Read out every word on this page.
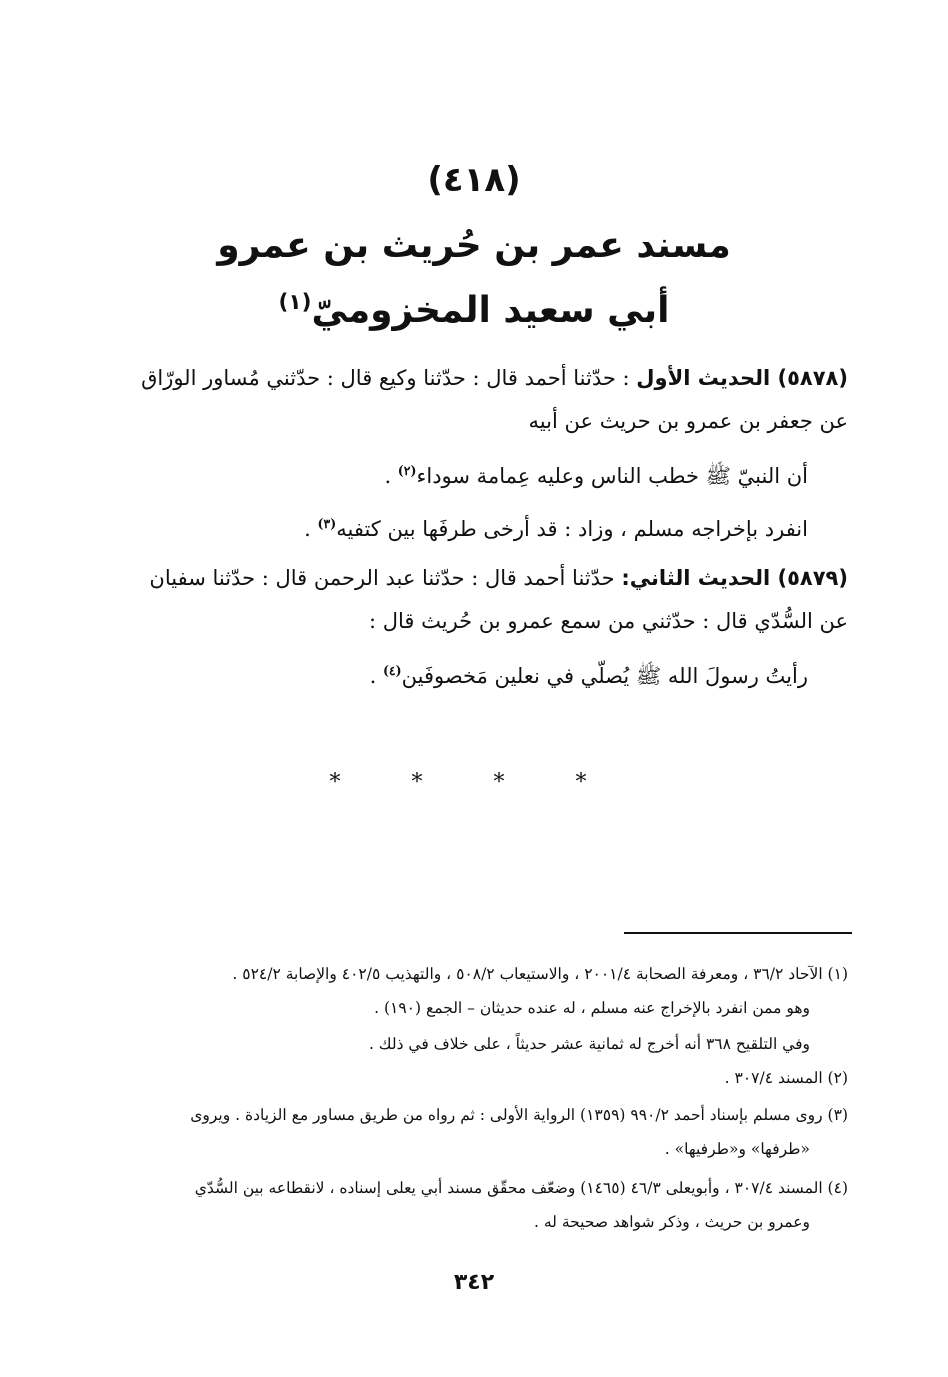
(٤١٨)
مسند عمر بن حُريث بن عمرو
أبي سعيد المخزوميّ$^{(١)}$
(٥٨٧٨) الحديث الأول : حدّثنا أحمد قال : حدّثنا وكيع قال : حدّثني مُساور الورّاق
عن جعفر بن عمرو بن حريث عن أبيه
أن النبيّ ﷺ خطب الناس وعليه عِمامة سوداء$^{(٢)}$ .
انفرد بإخراجه مسلم ، وزاد : قد أرخى طرفَها بين كتفيه$^{(٣)}$ .
(٥٨٧٩) الحديث الثاني: حدّثنا أحمد قال : حدّثنا عبد الرحمن قال : حدّثنا سفيان
عن السُّدّي قال : حدّثني من سمع عمرو بن حُريث قال :
رأيتُ رسولَ الله ﷺ يُصلّي في نعلين مَخصوفَين$^{(٤)}$ .
* * * *
(١) الآحاد ٣٦/٢ ، ومعرفة الصحابة ٢٠٠١/٤ ، والاستيعاب ٥٠٨/٢ ، والتهذيب ٤٠٢/٥ والإصابة ٥٢٤/٢ .
وهو ممن انفرد بالإخراج عنه مسلم ، له عنده حديثان – الجمع (١٩٠) .
وفي التلقيح ٣٦٨ أنه أخرج له ثمانية عشر حديثاً ، على خلاف في ذلك .
(٢) المسند ٣٠٧/٤ .
(٣) روى مسلم بإسناد أحمد ٩٩٠/٢ (١٣٥٩) الرواية الأولى : ثم رواه من طريق مساور مع الزيادة . ويروى
«طرفها» و«طرفيها» .
(٤) المسند ٣٠٧/٤ ، وأبويعلى ٤٦/٣ (١٤٦٥) وضعّف محقّق مسند أبي يعلى إسناده ، لانقطاعه بين السُّدّي
وعمرو بن حريث ، وذكر شواهد صحيحة له .
٣٤٢
